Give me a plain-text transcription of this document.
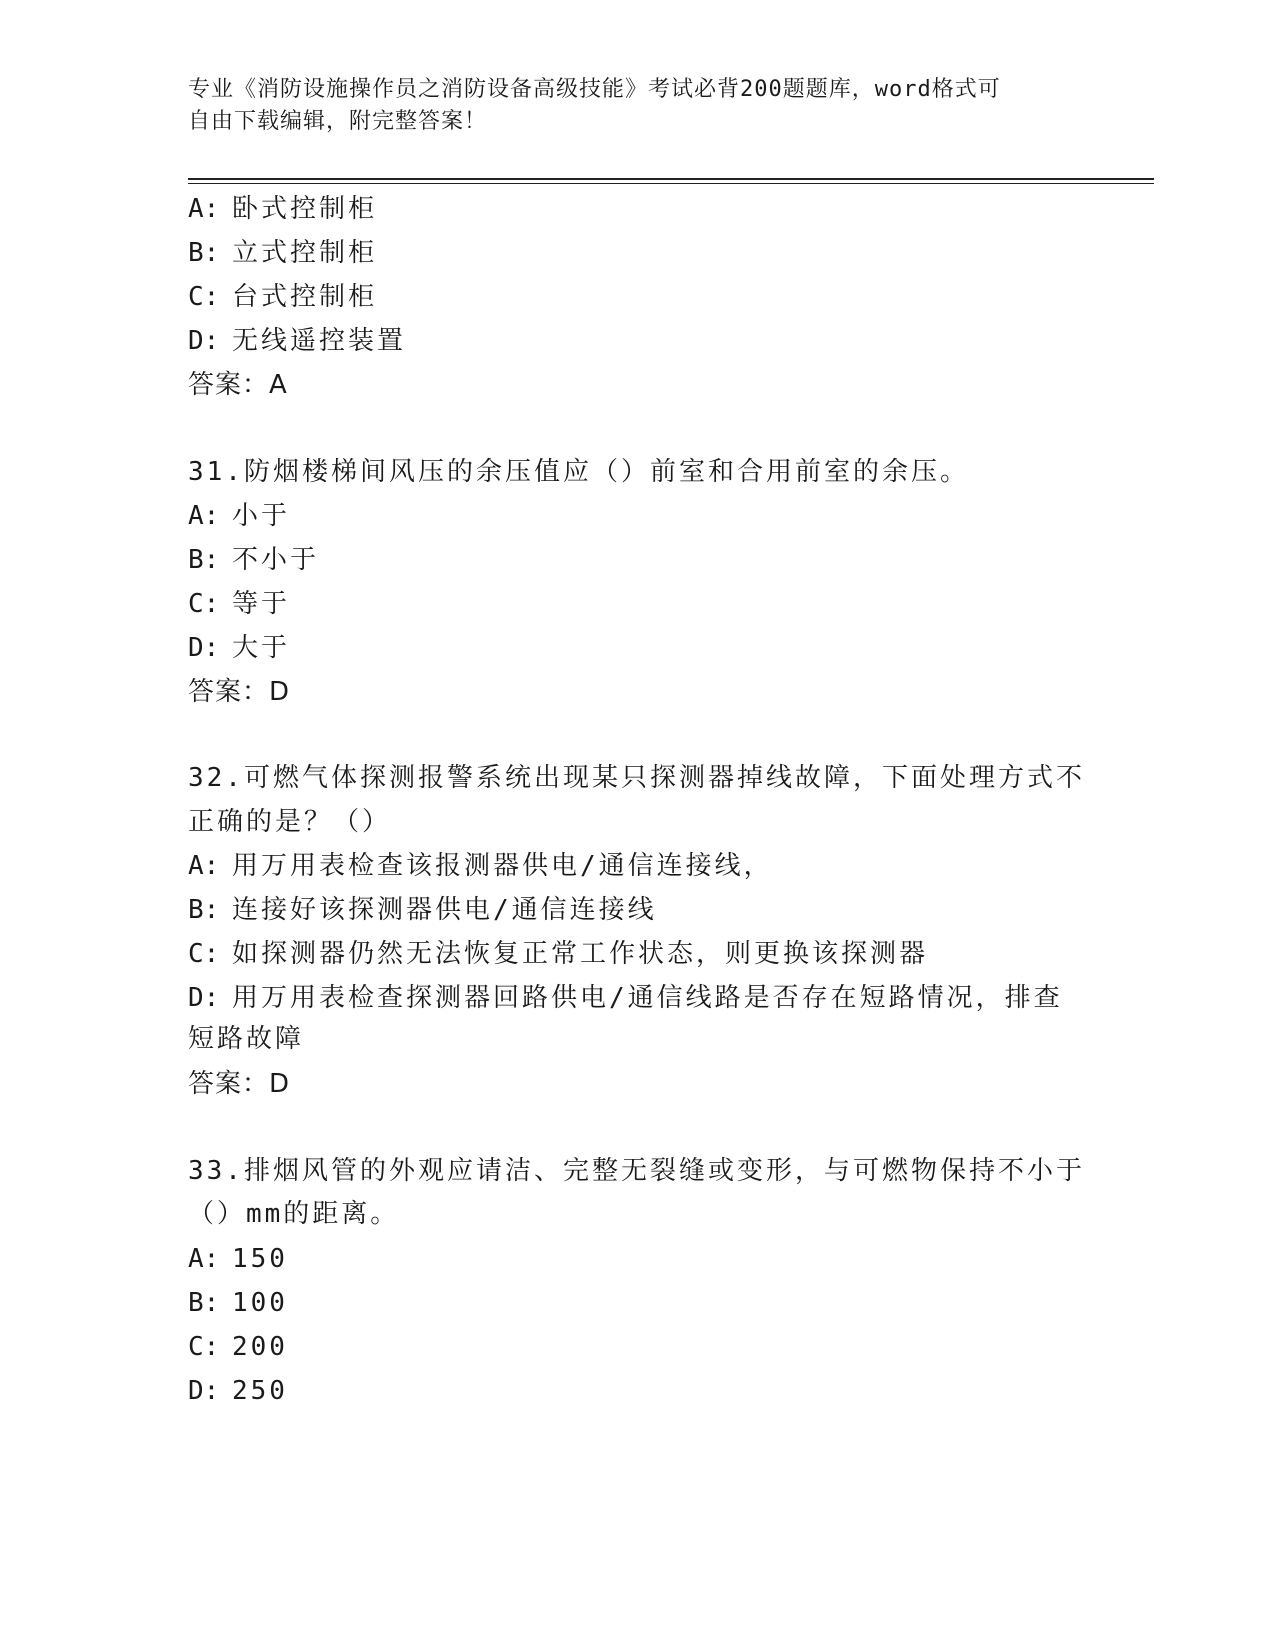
专业《消防设施操作员之消防设备高级技能》考试必背200题题库，word格式可
自由下载编辑，附完整答案！
A: 卧式控制柜
B: 立式控制柜
C: 台式控制柜
D: 无线遥控装置
答案：A
31.防烟楼梯间风压的余压值应（）前室和合用前室的余压。
A: 小于
B: 不小于
C: 等于
D: 大于
答案：D
32.可燃气体探测报警系统出现某只探测器掉线故障，下面处理方式不
正确的是？（）
A: 用万用表检查该报测器供电/通信连接线，
B: 连接好该探测器供电/通信连接线
C: 如探测器仍然无法恢复正常工作状态，则更换该探测器
D: 用万用表检查探测器回路供电/通信线路是否存在短路情况，排查
短路故障
答案：D
33.排烟风管的外观应请洁、完整无裂缝或变形，与可燃物保持不小于
（）mm的距离。
A: 150
B: 100
C: 200
D: 250
